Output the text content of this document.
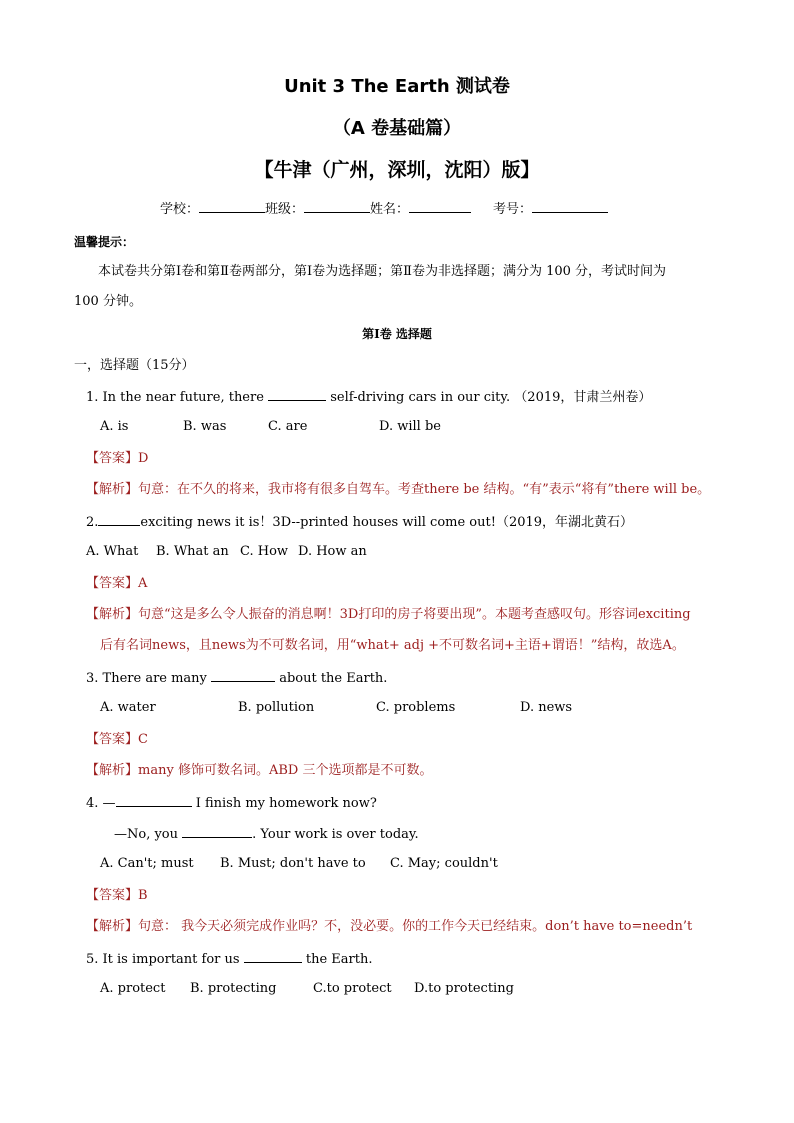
Unit 3 The Earth 测试卷
（A 卷基础篇）
【牛津（广州，深圳，沈阳）版】
学校：	班级：	姓名：	考号：
温馨提示：
本试卷共分第Ⅰ卷和第Ⅱ卷两部分，第Ⅰ卷为选择题；第Ⅱ卷为非选择题；满分为 100 分，考试时间为
100 分钟。
第Ⅰ卷 选择题
一，选择题（15分）
1. In the near future, there	self-driving cars in our city. （2019，甘肃兰州卷）
A. is	B. was	C. are	D. will be
【答案】D
【解析】句意：在不久的将来，我市将有很多自驾车。考查there be 结构。“有”表示“将有”there will be。
2.	exciting news it is！3D--printed houses will come out!（2019，年湖北黄石）
A. What B. What an C. How D. How an
【答案】A
【解析】句意“这是多么令人振奋的消息啊！3D打印的房子将要出现”。本题考查感叹句。形容词exciting
后有名词news，且news为不可数名词，用“what+ adj +不可数名词+主语+谓语！”结构，故选A。
3. There are many	about the Earth.
A. water	B. pollution	C. problems	D. news
【答案】C
【解析】many 修饰可数名词。ABD 三个选项都是不可数。
4. —	I finish my homework now?
—No, you	. Your work is over today.
A. Can't; must B. Must; don't have to C. May; couldn't
【答案】B
【解析】句意： 我今天必须完成作业吗？不，没必要。你的工作今天已经结束。don’t have to=needn’t
5. It is important for us	the Earth.
A. protect B. protecting	C.to protect D.to protecting
